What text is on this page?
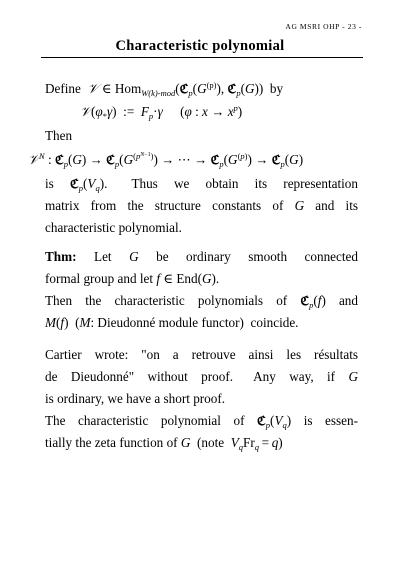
AG MSRI OHP - 23 -
Characteristic polynomial
Define 𝒱 ∈ $Hom_{W(k)-mod}(ℭ_p(G^{(p)})$, ℭ$_p$(G))  by
$𝒱(\varphi_*\gamma)$  := $F_p\cdot\gamma$ (φ : $x \to x^p$)
Then
𝒱$^N$ : ℭ$_p$(G) → $ℭ_p(G^{(p^{N-1})})$ → ⋯ → $ℭ_p(G^{(p)})$ → ℭ$_p$(G)
is  $ℭ_p(V_q)$.   Thus  we  obtain  its  representation
matrix from the structure constants of G and its
characteristic polynomial.
Thm:  Let  G  be  ordinary  smooth  connected
formal group and let f ∈ End(G).
Then the characteristic polynomials of ℭ$_p$(f) and
M(f)  (M: Dieudonné module functor)  coincide.
Cartier wrote: "on a retrouve ainsi les résultats
de  Dieudonné"  without  proof.   Any  way,  if  G
is ordinary, we have a short proof.
The characteristic polynomial of $ℭ_p(V_q)$ is essen-
tially the zeta function of G  (note  $V_qFr_q = q$)
